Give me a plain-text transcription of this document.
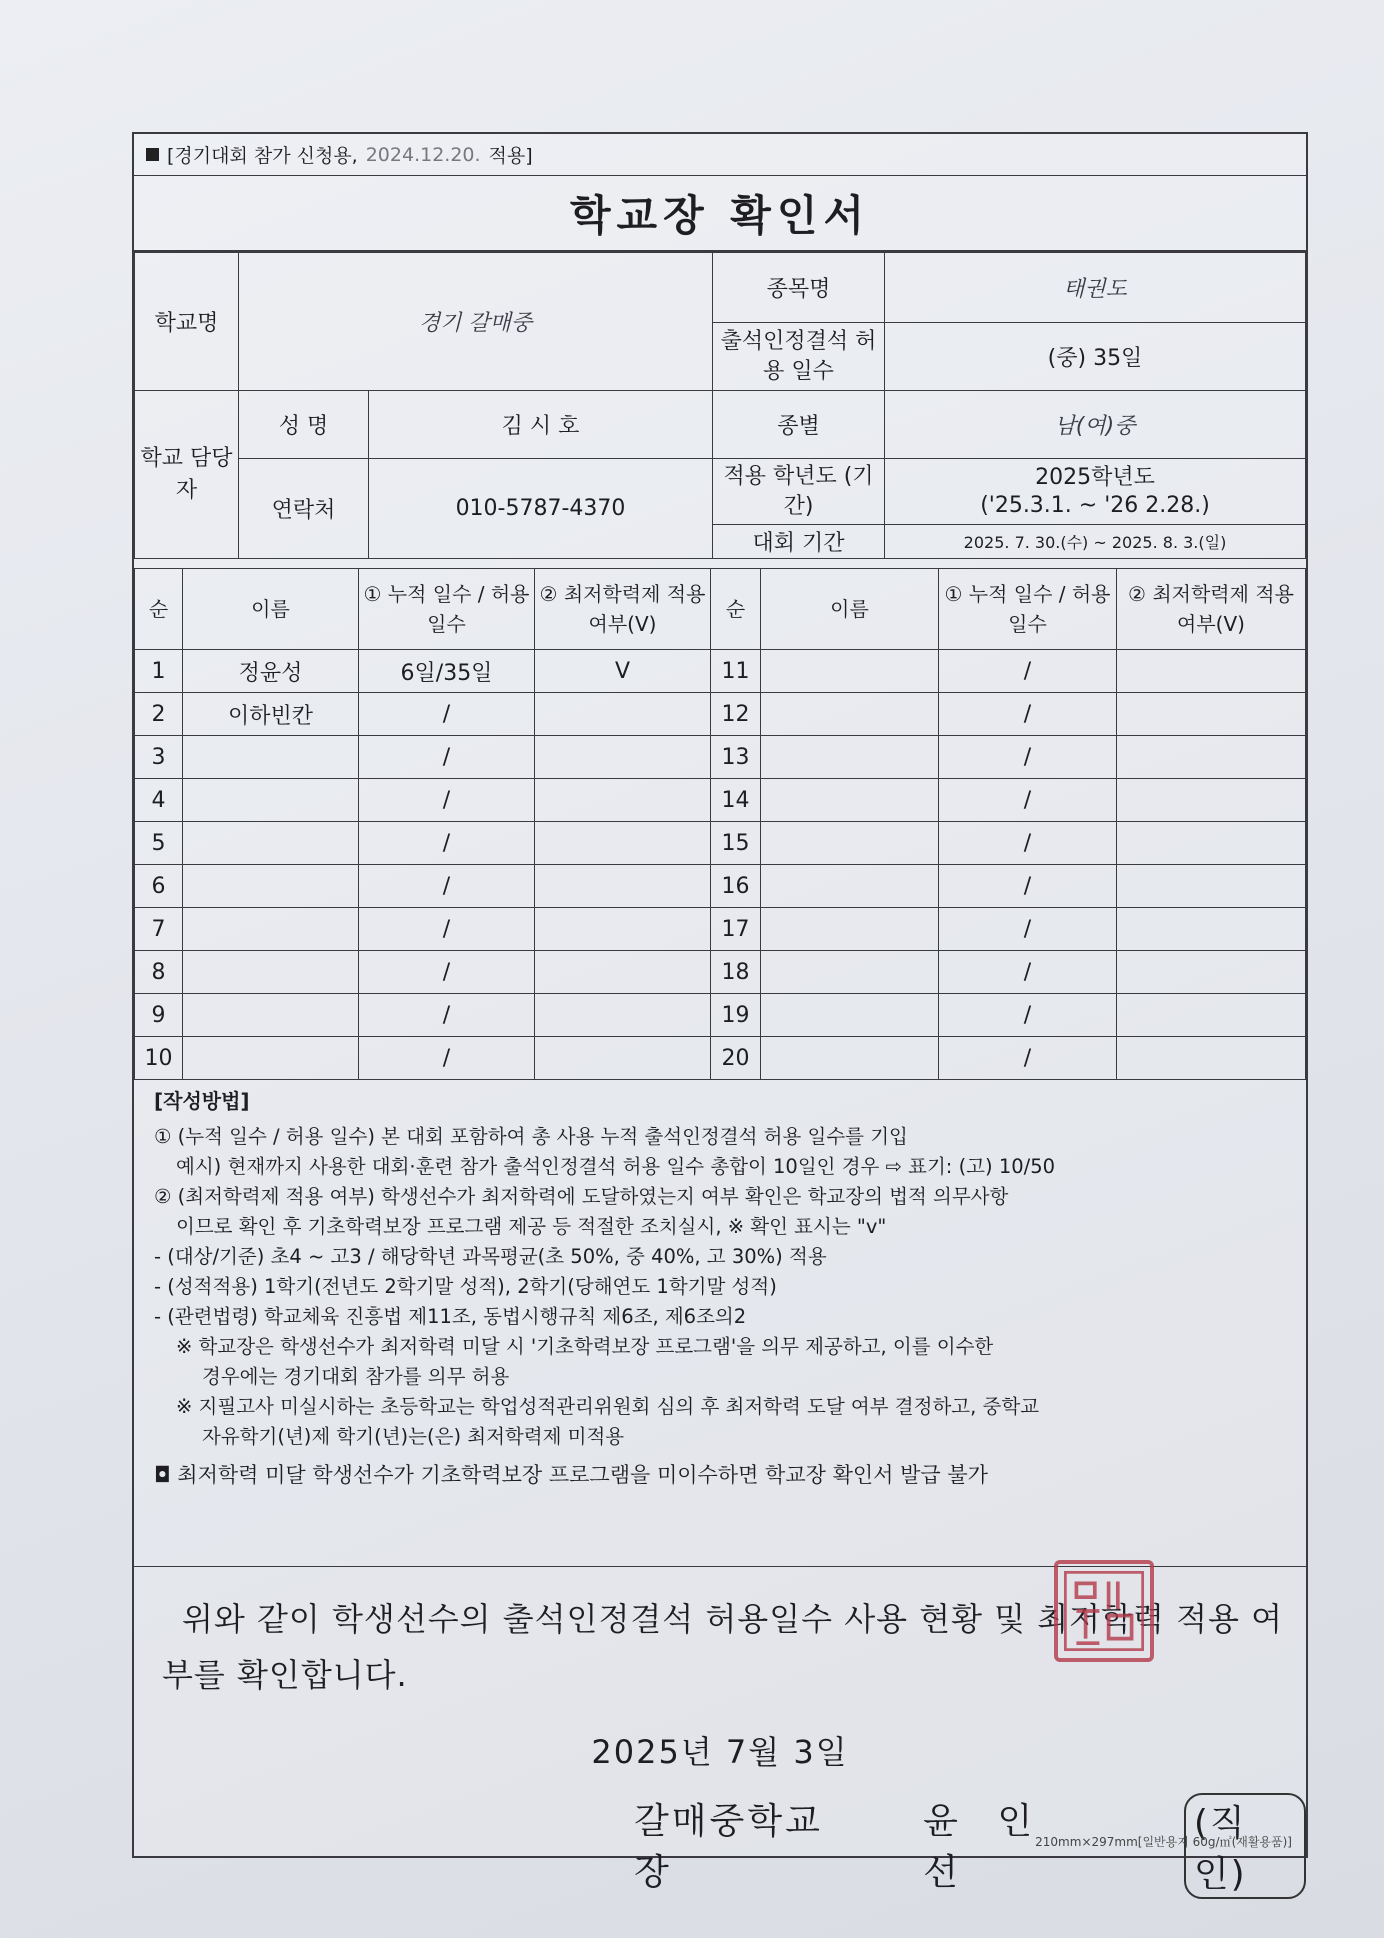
[경기대회 참가 신청용, 2024.12.20. 적용]
학교장 확인서
학교명	경기 갈매중		종목명	태권도
			출석인정결석 허용 일수	(중) 35일
학교 담당자	성 명	김 시 호	종별	남(여)중
	연락처	010-5787-4370	적용 학년도 (기간)	2025학년도
('25.3.1. ~ '26 2.28.)

			대회 기간	2025. 7. 30.(수) ~ 2025. 8. 3.(일)
순	이름	① 누적 일수 / 허용 일수	② 최저학력제 적용 여부(V)	순	이름	① 누적 일수 / 허용 일수	② 최저학력제 적용 여부(V)
1	정윤성	6일/35일	V	11		/	
2	이하빈칸	/		12		/	
3		/		13		/	
4		/		14		/	
5		/		15		/	
6		/		16		/	
7		/		17		/	
8		/		18		/	
9		/		19		/	
10		/		20		/	
[작성방법]
① (누적 일수 / 허용 일수) 본 대회 포함하여 총 사용 누적 출석인정결석 허용 일수를 기입
예시) 현재까지 사용한 대회·훈련 참가 출석인정결석 허용 일수 총합이 10일인 경우 ⇨ 표기: (고) 10/50
② (최저학력제 적용 여부) 학생선수가 최저학력에 도달하였는지 여부 확인은 학교장의 법적 의무사항
이므로 확인 후 기초학력보장 프로그램 제공 등 적절한 조치실시, ※ 확인 표시는 "v"
- (대상/기준) 초4 ~ 고3 / 해당학년 과목평균(초 50%, 중 40%, 고 30%) 적용
- (성적적용) 1학기(전년도 2학기말 성적), 2학기(당해연도 1학기말 성적)
- (관련법령) 학교체육 진흥법 제11조, 동법시행규칙 제6조, 제6조의2
※ 학교장은 학생선수가 최저학력 미달 시 '기초학력보장 프로그램'을 의무 제공하고, 이를 이수한
경우에는 경기대회 참가를 의무 허용
※ 지필고사 미실시하는 초등학교는 학업성적관리위원회 심의 후 최저학력 도달 여부 결정하고, 중학교
자유학기(년)제 학기(년)는(은) 최저학력제 미적용
◘ 최저학력 미달 학생선수가 기초학력보장 프로그램을 미이수하면 학교장 확인서 발급 불가
위와 같이 학생선수의 출석인정결석 허용일수 사용 현황 및 최저학력 적용 여부를 확인합니다.
2025년 7월 3일
갈매중학교장
윤 인 선
(직인)
210mm×297mm[일반용지 60g/㎡(재활용품)]
